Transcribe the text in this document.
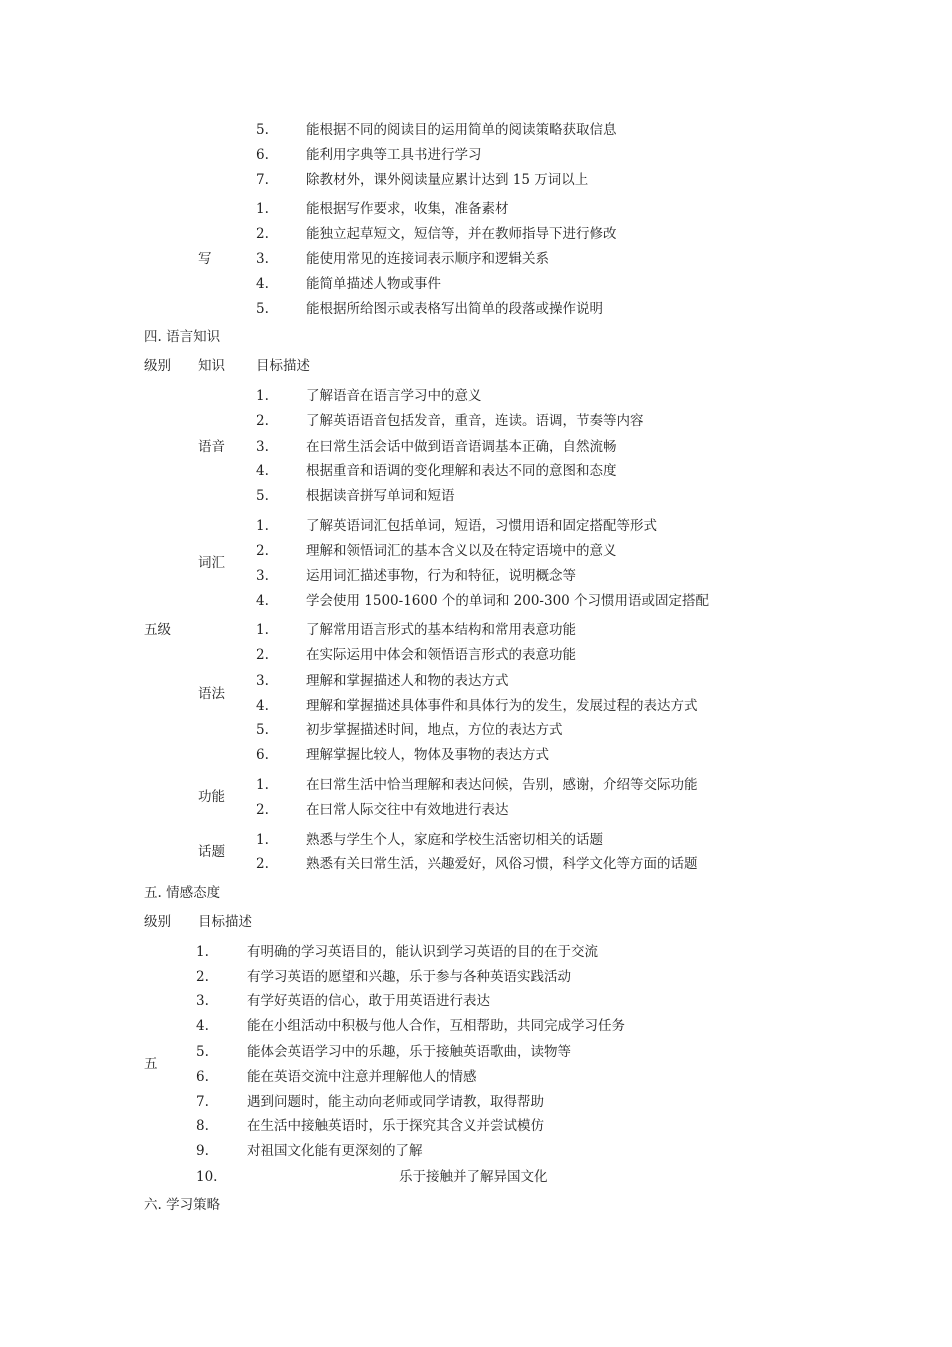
5.	能根据不同的阅读目的运用简单的阅读策略获取信息
6.	能利用字典等工具书进行学习
7.	除教材外，课外阅读量应累计达到 15 万词以上
写
1.	能根据写作要求，收集，准备素材
2.	能独立起草短文，短信等，并在教师指导下进行修改
3.	能使用常见的连接词表示顺序和逻辑关系
4.	能简单描述人物或事件
5.	能根据所给图示或表格写出简单的段落或操作说明
四. 语言知识
级别 知识 目标描述
五级
语音
1.	了解语音在语言学习中的意义
2.	了解英语语音包括发音，重音，连读。语调，节奏等内容
3.	在曰常生活会话中做到语音语调基本正确，自然流畅
4.	根据重音和语调的变化理解和表达不同的意图和态度
5.	根据读音拼写单词和短语
词汇
1.	了解英语词汇包括单词，短语，习惯用语和固定搭配等形式
2.	理解和领悟词汇的基本含义以及在特定语境中的意义
3.	运用词汇描述事物，行为和特征，说明概念等
4.	学会使用 1500-1600 个的单词和 200-300 个习惯用语或固定搭配
语法
1.	了解常用语言形式的基本结构和常用表意功能
2.	在实际运用中体会和领悟语言形式的表意功能
3.	理解和掌握描述人和物的表达方式
4.	理解和掌握描述具体事件和具体行为的发生，发展过程的表达方式
5.	初步掌握描述时间，地点，方位的表达方式
6.	理解掌握比较人，物体及事物的表达方式
功能
1.	在曰常生活中恰当理解和表达问候，告别，感谢，介绍等交际功能
2.	在曰常人际交往中有效地进行表达
话题
1.	熟悉与学生个人，家庭和学校生活密切相关的话题
2.	熟悉有关曰常生活，兴趣爱好，风俗习惯，科学文化等方面的话题
五. 情感态度
级别 目标描述
五
1.	有明确的学习英语目的，能认识到学习英语的目的在于交流
2.	有学习英语的愿望和兴趣，乐于参与各种英语实践活动
3.	有学好英语的信心，敢于用英语进行表达
4.	能在小组活动中积极与他人合作，互相帮助，共同完成学习任务
5.	能体会英语学习中的乐趣，乐于接触英语歌曲，读物等
6.	能在英语交流中注意并理解他人的情感
7.	遇到问题时，能主动向老师或同学请教，取得帮助
8.	在生活中接触英语时，乐于探究其含义并尝试模仿
9.	对祖国文化能有更深刻的了解
10.	乐于接触并了解异国文化
六. 学习策略
